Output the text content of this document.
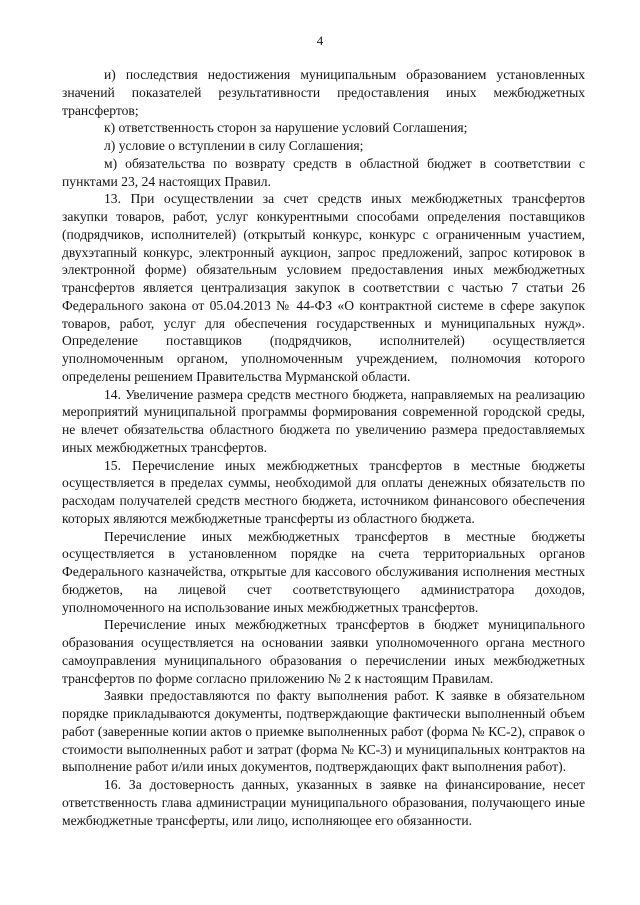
4

и) последствия недостижения муниципальным образованием установленных значений показателей результативности предоставления иных межбюджетных трансфертов;

к) ответственность сторон за нарушение условий Соглашения;

л) условие о вступлении в силу Соглашения;

м) обязательства по возврату средств в областной бюджет в соответствии с пунктами 23, 24 настоящих Правил.

13. При осуществлении за счет средств иных межбюджетных трансфертов закупки товаров, работ, услуг конкурентными способами определения поставщиков (подрядчиков, исполнителей) (открытый конкурс, конкурс с ограниченным участием, двухэтапный конкурс, электронный аукцион, запрос предложений, запрос котировок в электронной форме) обязательным условием предоставления иных межбюджетных трансфертов является централизация закупок в соответствии с частью 7 статьи 26 Федерального закона от 05.04.2013 № 44-ФЗ «О контрактной системе в сфере закупок товаров, работ, услуг для обеспечения государственных и муниципальных нужд». Определение поставщиков (подрядчиков, исполнителей) осуществляется уполномоченным органом, уполномоченным учреждением, полномочия которого определены решением Правительства Мурманской области.

14. Увеличение размера средств местного бюджета, направляемых на реализацию мероприятий муниципальной программы формирования современной городской среды, не влечет обязательства областного бюджета по увеличению размера предоставляемых иных межбюджетных трансфертов.

15. Перечисление иных межбюджетных трансфертов в местные бюджеты осуществляется в пределах суммы, необходимой для оплаты денежных обязательств по расходам получателей средств местного бюджета, источником финансового обеспечения которых являются межбюджетные трансферты из областного бюджета.

Перечисление иных межбюджетных трансфертов в местные бюджеты осуществляется в установленном порядке на счета территориальных органов Федерального казначейства, открытые для кассового обслуживания исполнения местных бюджетов, на лицевой счет соответствующего администратора доходов, уполномоченного на использование иных межбюджетных трансфертов.

Перечисление иных межбюджетных трансфертов в бюджет муниципального образования осуществляется на основании заявки уполномоченного органа местного самоуправления муниципального образования о перечислении иных межбюджетных трансфертов по форме согласно приложению № 2 к настоящим Правилам.

Заявки предоставляются по факту выполнения работ. К заявке в обязательном порядке прикладываются документы, подтверждающие фактически выполненный объем работ (заверенные копии актов о приемке выполненных работ (форма № КС-2), справок о стоимости выполненных работ и затрат (форма № КС-3) и муниципальных контрактов на выполнение работ и/или иных документов, подтверждающих факт выполнения работ).

16. За достоверность данных, указанных в заявке на финансирование, несет ответственность глава администрации муниципального образования, получающего иные межбюджетные трансферты, или лицо, исполняющее его обязанности.
